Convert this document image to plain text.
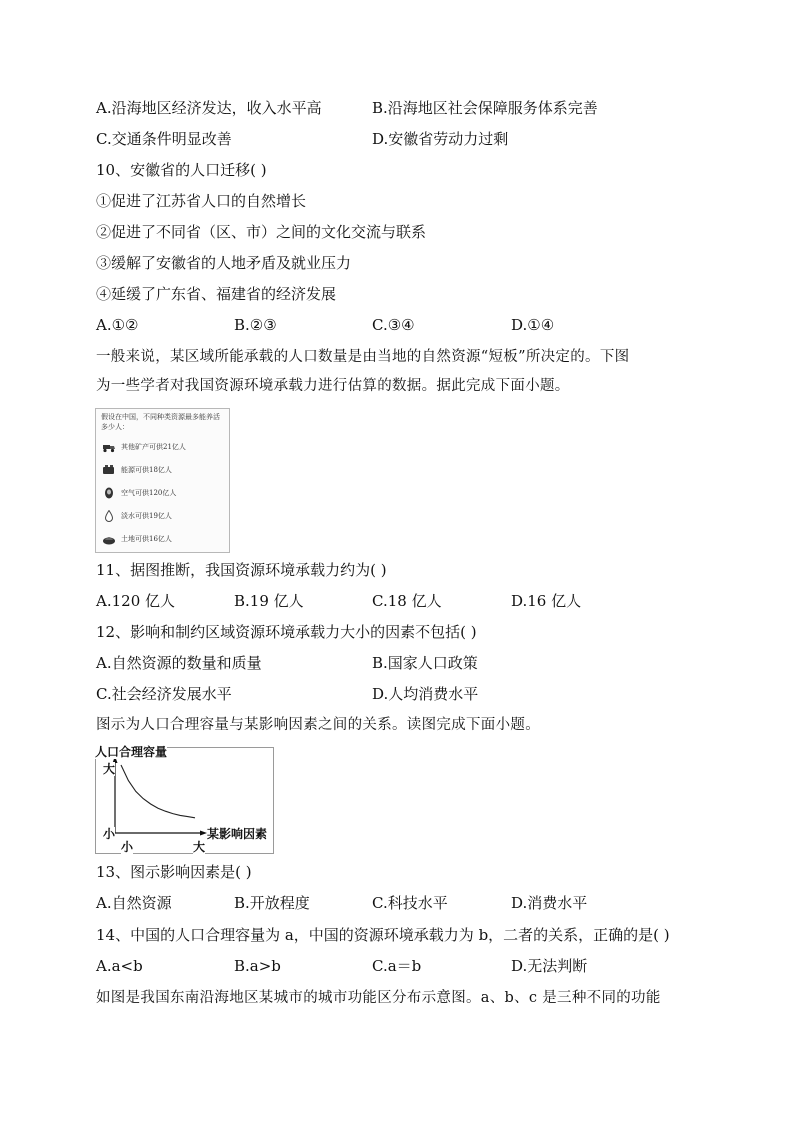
A.沿海地区经济发达，收入水平高	B.沿海地区社会保障服务体系完善
C.交通条件明显改善	D.安徽省劳动力过剩
10、安徽省的人口迁移( )
①促进了江苏省人口的自然增长
②促进了不同省（区、市）之间的文化交流与联系
③缓解了安徽省的人地矛盾及就业压力
④延缓了广东省、福建省的经济发展
A.①②	B.②③	C.③④	D.①④
一般来说，某区域所能承载的人口数量是由当地的自然资源“短板”所决定的。下图
为一些学者对我国资源环境承载力进行估算的数据。据此完成下面小题。
假设在中国，不同种类资源最多能养活多少人：
其他矿产可供21亿人
能源可供18亿人
空气可供120亿人
淡水可供19亿人
土地可供16亿人
11、据图推断，我国资源环境承载力约为( )
A.120 亿人	B.19 亿人	C.18 亿人	D.16 亿人
12、影响和制约区域资源环境承载力大小的因素不包括( )
A.自然资源的数量和质量	B.国家人口政策
C.社会经济发展水平	D.人均消费水平
图示为人口合理容量与某影响因素之间的关系。读图完成下面小题。
人口合理容量
大
小
小	大
某影响因素
13、图示影响因素是( )
A.自然资源	B.开放程度	C.科技水平	D.消费水平
14、中国的人口合理容量为 a，中国的资源环境承载力为 b，二者的关系，正确的是( )
A.a<b	B.a>b	C.a＝b	D.无法判断
如图是我国东南沿海地区某城市的城市功能区分布示意图。a、b、c 是三种不同的功能
